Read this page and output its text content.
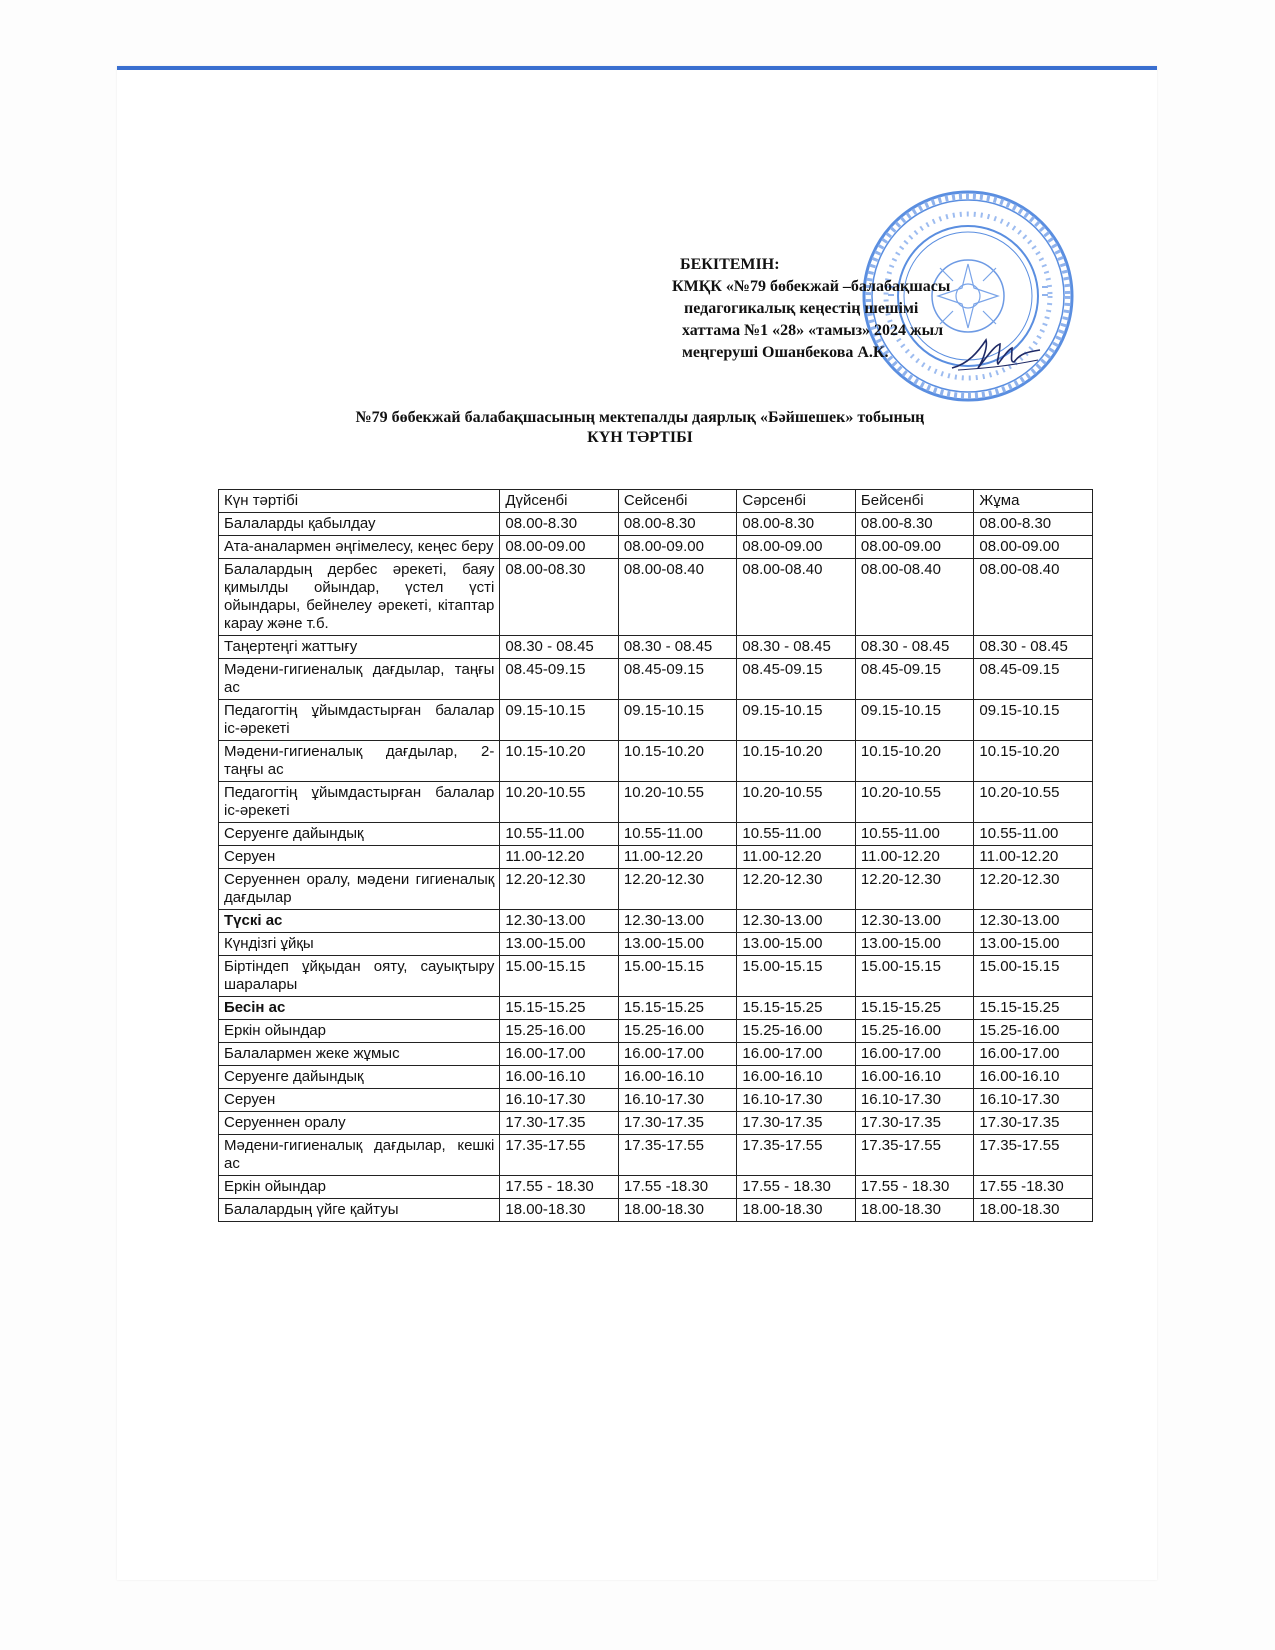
БЕКІТЕМІН:
КМҚК «№79 бөбекжай –балабақшасы
педагогикалық кеңестің шешімі
хаттама №1 «28» «тамыз» 2024 жыл
меңгеруші Ошанбекова А.К.
№79 бөбекжай балабақшасының мектепалды даярлық «Бәйшешек» тобының
КҮН ТӘРТІБІ
Күн тәртібі	Дүйсенбі	Сейсенбі	Сәрсенбі	Бейсенбі	Жұма
Балаларды қабылдау	08.00-8.30	08.00-8.30	08.00-8.30	08.00-8.30	08.00-8.30
Ата-аналармен әңгімелесу, кеңес беру	08.00-09.00	08.00-09.00	08.00-09.00	08.00-09.00	08.00-09.00
Балалардың дербес әрекеті, баяу қимылды ойындар, үстел үсті ойындары, бейнелеу әрекеті, кітаптар карау және т.б.	08.00-08.30	08.00-08.40	08.00-08.40	08.00-08.40	08.00-08.40
Таңертеңгі жаттығу	08.30 - 08.45	08.30 - 08.45	08.30 - 08.45	08.30 - 08.45	08.30 - 08.45
Мәдени-гигиеналық дағдылар, таңғы ас	08.45-09.15	08.45-09.15	08.45-09.15	08.45-09.15	08.45-09.15
Педагогтің ұйымдастырған балалар іс-әрекеті	09.15-10.15	09.15-10.15	09.15-10.15	09.15-10.15	09.15-10.15
Мәдени-гигиеналық дағдылар, 2-таңғы ас	10.15-10.20	10.15-10.20	10.15-10.20	10.15-10.20	10.15-10.20
Педагогтің ұйымдастырған балалар іс-әрекеті	10.20-10.55	10.20-10.55	10.20-10.55	10.20-10.55	10.20-10.55
Серуенге дайындық	10.55-11.00	10.55-11.00	10.55-11.00	10.55-11.00	10.55-11.00
Серуен	11.00-12.20	11.00-12.20	11.00-12.20	11.00-12.20	11.00-12.20
Серуеннен оралу, мәдени гигиеналық дағдылар	12.20-12.30	12.20-12.30	12.20-12.30	12.20-12.30	12.20-12.30
Түскі ас	12.30-13.00	12.30-13.00	12.30-13.00	12.30-13.00	12.30-13.00
Күндізгі ұйқы	13.00-15.00	13.00-15.00	13.00-15.00	13.00-15.00	13.00-15.00
Біртіндеп ұйқыдан ояту, сауықтыру шаралары	15.00-15.15	15.00-15.15	15.00-15.15	15.00-15.15	15.00-15.15
Бесін ас	15.15-15.25	15.15-15.25	15.15-15.25	15.15-15.25	15.15-15.25
Еркін ойындар	15.25-16.00	15.25-16.00	15.25-16.00	15.25-16.00	15.25-16.00
Балалармен жеке жұмыс	16.00-17.00	16.00-17.00	16.00-17.00	16.00-17.00	16.00-17.00
Серуенге дайындық	16.00-16.10	16.00-16.10	16.00-16.10	16.00-16.10	16.00-16.10
Серуен	16.10-17.30	16.10-17.30	16.10-17.30	16.10-17.30	16.10-17.30
Серуеннен оралу	17.30-17.35	17.30-17.35	17.30-17.35	17.30-17.35	17.30-17.35
Мәдени-гигиеналық дағдылар, кешкі ас	17.35-17.55	17.35-17.55	17.35-17.55	17.35-17.55	17.35-17.55
Еркін ойындар	17.55 - 18.30	17.55 -18.30	17.55 - 18.30	17.55 - 18.30	17.55 -18.30
Балалардың үйге қайтуы	18.00-18.30	18.00-18.30	18.00-18.30	18.00-18.30	18.00-18.30
